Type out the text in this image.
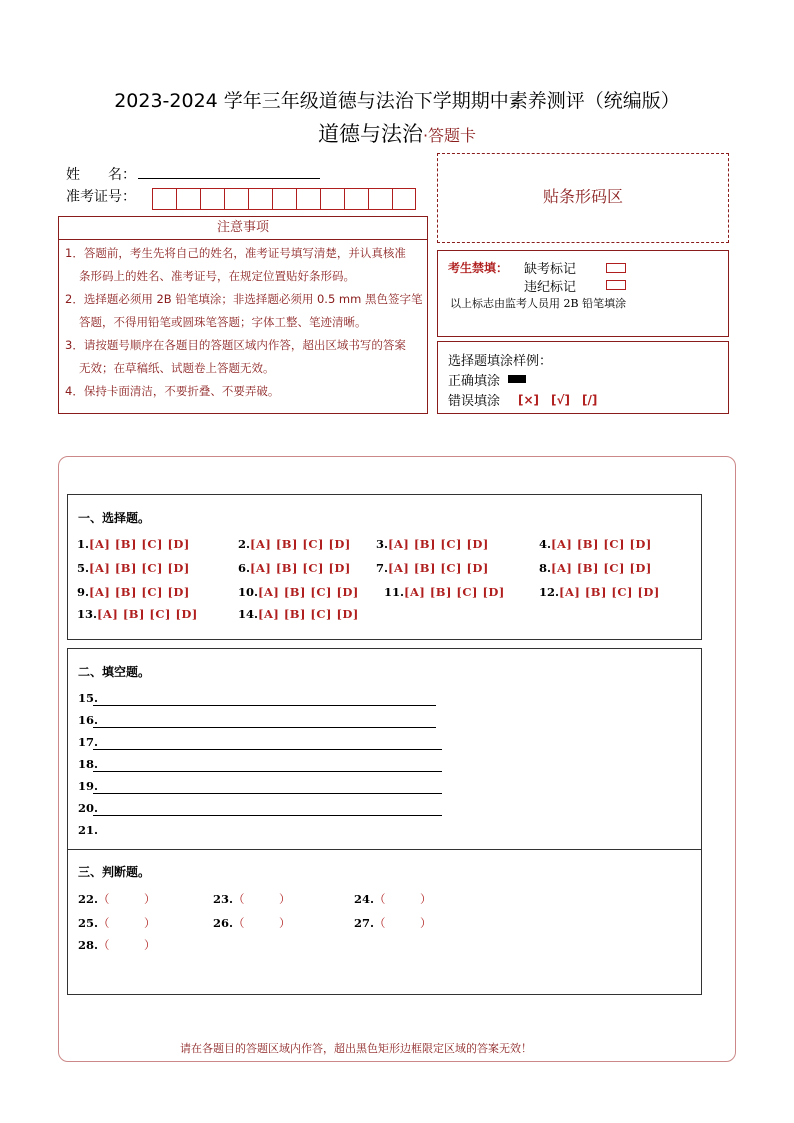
2023-2024 学年三年级道德与法治下学期期中素养测评（统编版）
道德与法治·答题卡
姓　　名：
准考证号：
注意事项
1．答题前，考生先将自己的姓名，准考证号填写清楚，并认真核准
条形码上的姓名、准考证号，在规定位置贴好条形码。
2．选择题必须用 2B 铅笔填涂；非选择题必须用 0.5 mm 黑色签字笔
答题，不得用铅笔或圆珠笔答题；字体工整、笔迹清晰。
3．请按题号顺序在各题目的答题区域内作答，超出区域书写的答案
无效；在草稿纸、试题卷上答题无效。
4．保持卡面清洁，不要折叠、不要弄破。
贴条形码区
考生禁填： 缺考标记
违纪标记
以上标志由监考人员用 2B 铅笔填涂
选择题填涂样例：
正确填涂
错误填涂 [×]　[√]　[/]
一、选择题。
1.[A] [B] [C] [D]	2.[A] [B] [C] [D] 3.[A] [B] [C] [D]	4.[A] [B] [C] [D]
5.[A] [B] [C] [D]	6.[A] [B] [C] [D] 7.[A] [B] [C] [D]	8.[A] [B] [C] [D]
9.[A] [B] [C] [D]	10.[A] [B] [C] [D] 11.[A] [B] [C] [D]	12.[A] [B] [C] [D]
13.[A] [B] [C] [D]	14.[A] [B] [C] [D]
二、填空题。
15.
16.
17.
18.
19.
20.
21.
三、判断题。
22.（　　　）	23.（　　　）	24.（　　　）
25.（　　　）	26.（　　　）	27.（　　　）
28.（　　　）
请在各题目的答题区域内作答，超出黑色矩形边框限定区域的答案无效！
